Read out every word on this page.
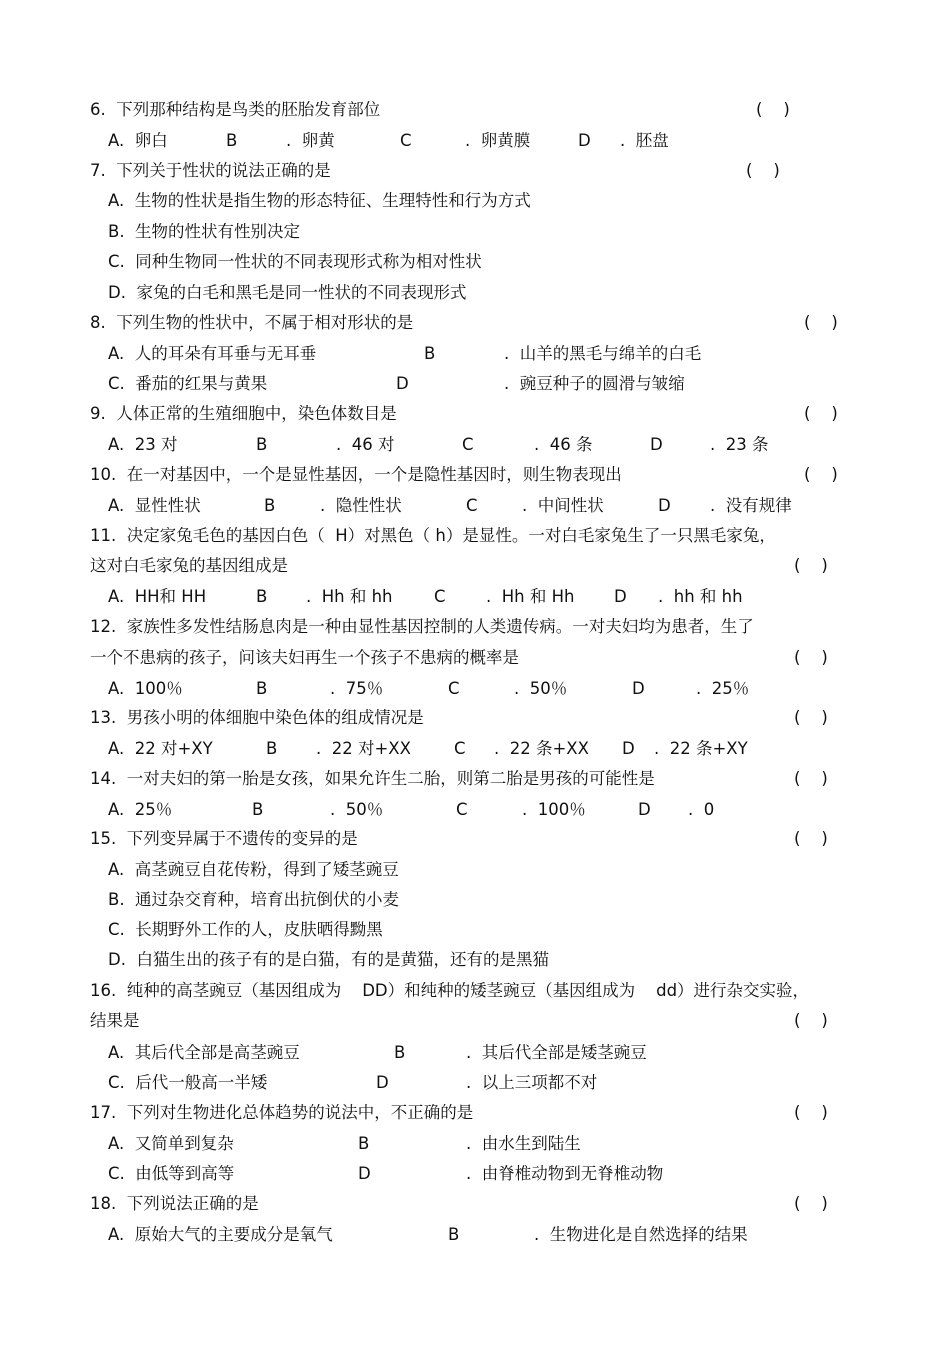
6.  下列那种结构是鸟类的胚胎发育部位	(    )
A.  卵白	B	.  卵黄	C	.  卵黄膜	D .  胚盘
7.  下列关于性状的说法正确的是	(    )
A.  生物的性状是指生物的形态特征、生理特性和行为方式
B.  生物的性状有性别决定
C.  同种生物同一性状的不同表现形式称为相对性状
D.  家兔的白毛和黑毛是同一性状的不同表现形式
8.  下列生物的性状中，不属于相对形状的是	(    )
A.  人的耳朵有耳垂与无耳垂	B	.  山羊的黑毛与绵羊的白毛
C.  番茄的红果与黄果	D	.  豌豆种子的圆滑与皱缩
9.  人体正常的生殖细胞中，染色体数目是	(    )
A.  23 对	B	.  46 对	C	.  46 条	D	.  23 条
10.  在一对基因中，一个是显性基因，一个是隐性基因时，则生物表现出	(    )
A.  显性性状	B	.  隐性性状	C	.  中间性状	D .  没有规律
11.  决定家兔毛色的基因白色（  H）对黑色（ h）是显性。一对白毛家兔生了一只黑毛家兔，
这对白毛家兔的基因组成是	(    )
A.  HH和 HH	B .  Hh 和 hh	C .  Hh 和 Hh D .  hh 和 hh
12.  家族性多发性结肠息肉是一种由显性基因控制的人类遗传病。一对夫妇均为患者，生了
一个不患病的孩子，问该夫妇再生一个孩子不患病的概率是	(    )
A.  100％	B	.  75％	C	.  50％	D	.  25％
13.  男孩小明的体细胞中染色体的组成情况是	(    )
A.  22 对+XY	B .  22 对+XX	C .  22 条+XX D .  22 条+XY
14.  一对夫妇的第一胎是女孩，如果允许生二胎，则第二胎是男孩的可能性是	(    )
A.  25％	B	.  50％	C	.  100％	D .  0
15.  下列变异属于不遗传的变异的是	(    )
A.  高茎豌豆自花传粉，得到了矮茎豌豆
B.  通过杂交育种，培育出抗倒伏的小麦
C.  长期野外工作的人，皮肤晒得黝黑
D.  白猫生出的孩子有的是白猫，有的是黄猫，还有的是黑猫
16.  纯种的高茎豌豆（基因组成为    DD）和纯种的矮茎豌豆（基因组成为    dd）进行杂交实验，
结果是	(    )
A.  其后代全部是高茎豌豆	B	.  其后代全部是矮茎豌豆
C.  后代一般高一半矮	D	.  以上三项都不对
17.  下列对生物进化总体趋势的说法中，不正确的是	(    )
A.  又简单到复杂	B	.  由水生到陆生
C.  由低等到高等	D	.  由脊椎动物到无脊椎动物
18.  下列说法正确的是	(    )
A.  原始大气的主要成分是氧气	B	.  生物进化是自然选择的结果
